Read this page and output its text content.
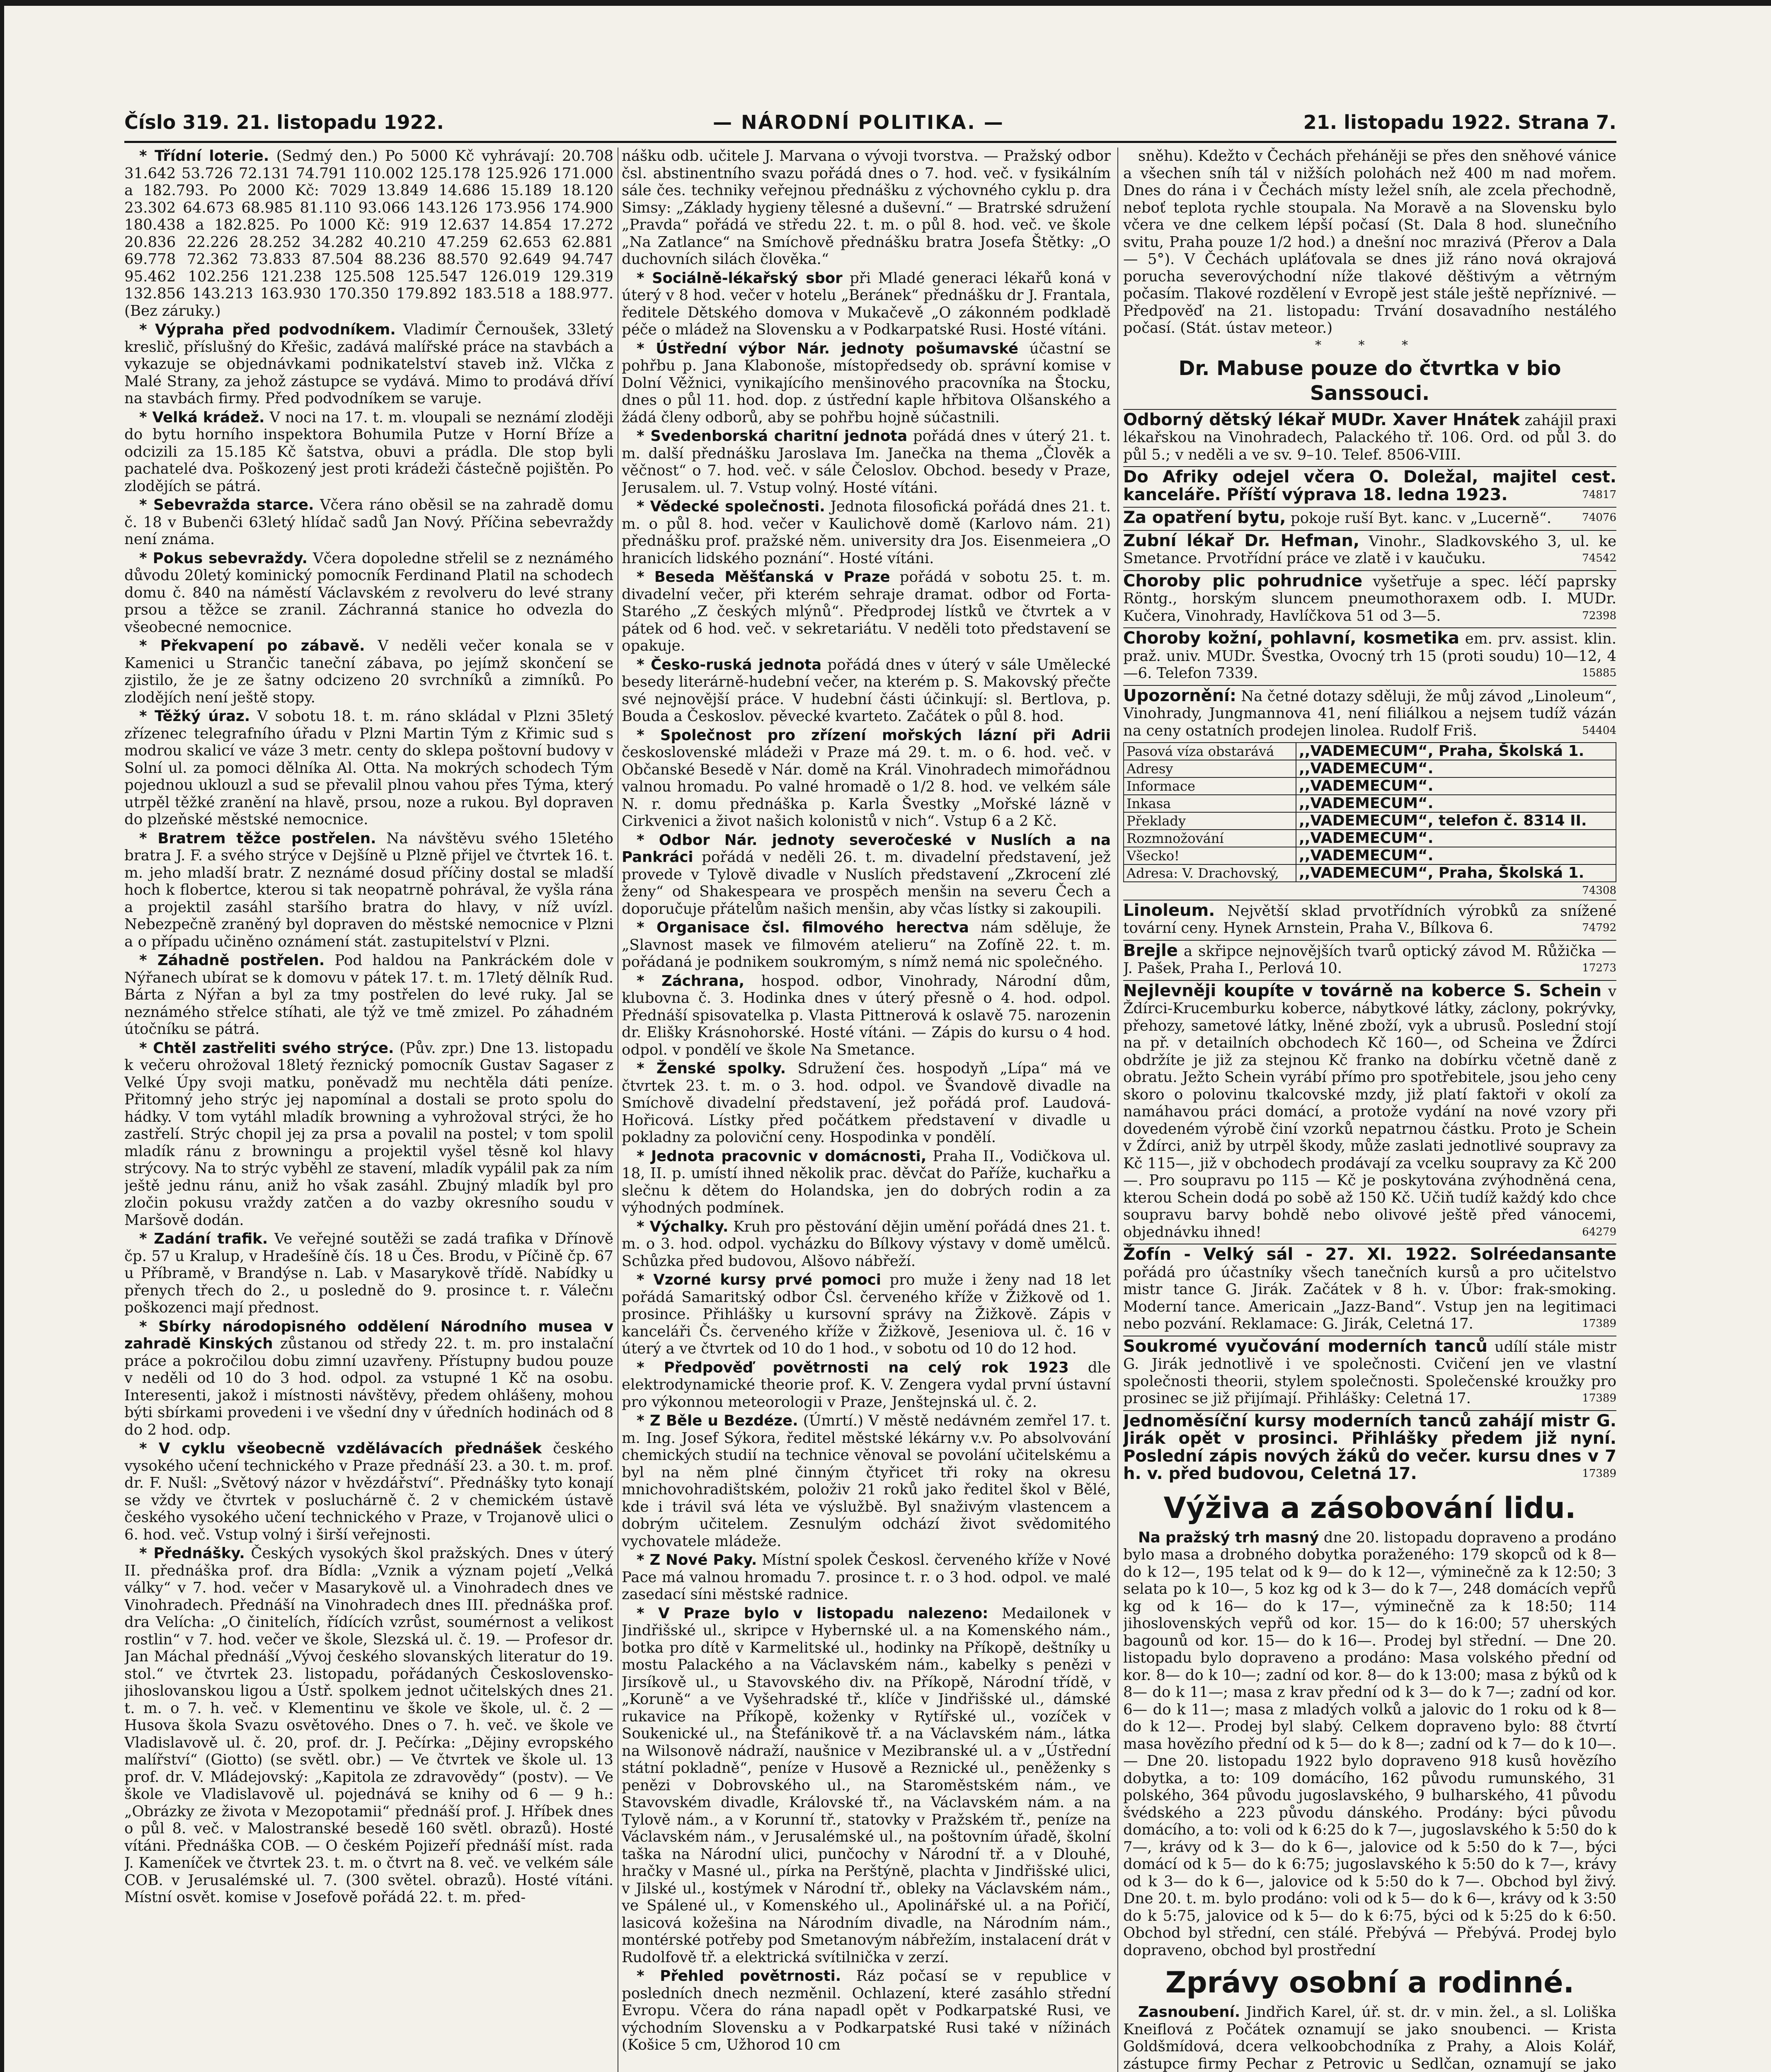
Číslo 319. 21. listopadu 1922.	— NÁRODNÍ POLITIKA. —	21. listopadu 1922. Strana 7.

* Třídní loterie. (Sedmý den.) Po 5000 Kč vyhrávají: 20.708 31.642 53.726 72.131 74.791 110.002 125.178 125.926 171.000 a 182.793. Po 2000 Kč: 7029 13.849 14.686 15.189 18.120 23.302 64.673 68.985 81.110 93.066 143.126 173.956 174.900 180.438 a 182.825. Po 1000 Kč: 919 12.637 14.854 17.272 20.836 22.226 28.252 34.282 40.210 47.259 62.653 62.881 69.778 72.362 73.833 87.504 88.236 88.570 92.649 94.747 95.462 102.256 121.238 125.508 125.547 126.019 129.319 132.856 143.213 163.930 170.350 179.892 183.518 a 188.977. (Bez záruky.)

* Výpraha před podvodníkem. Vladimír Černoušek, 33letý kreslič, příslušný do Křešic, zadává malířské práce na stavbách a vykazuje se objednávkami podnikatelství staveb inž. Vlčka z Malé Strany, za jehož zástupce se vydává. Mimo to prodává dříví na stavbách firmy. Před podvodníkem se varuje.

* Velká krádež. V noci na 17. t. m. vloupali se neznámí zloději do bytu horního inspektora Bohumila Putze v Horní Bříze a odcizili za 15.185 Kč šatstva, obuvi a prádla. Dle stop byli pachatelé dva. Poškozený jest proti krádeži částečně pojištěn. Po zlodějích se pátrá.

* Sebevražda starce. Včera ráno oběsil se na zahradě domu č. 18 v Bubenči 63letý hlídač sadů Jan Nový. Příčina sebevraždy není známa.

* Pokus sebevraždy. Včera dopoledne střelil se z neznámého důvodu 20letý kominický pomocník Ferdinand Platil na schodech domu č. 840 na náměstí Václavském z revolveru do levé strany prsou a těžce se zranil. Záchranná stanice ho odvezla do všeobecné nemocnice.

* Překvapení po zábavě. V neděli večer konala se v Kamenici u Strančic taneční zábava, po jejímž skončení se zjistilo, že je ze šatny odcizeno 20 svrchníků a zimníků. Po zlodějích není ještě stopy.

* Těžký úraz. V sobotu 18. t. m. ráno skládal v Plzni 35letý zřízenec telegrafního úřadu v Plzni Martin Tým z Křimic sud s modrou skalicí ve váze 3 metr. centy do sklepa poštovní budovy v Solní ul. za pomoci dělníka Al. Otta. Na mokrých schodech Tým pojednou uklouzl a sud se převalil plnou vahou přes Týma, který utrpěl těžké zranění na hlavě, prsou, noze a rukou. Byl dopraven do plzeňské městské nemocnice.

* Bratrem těžce postřelen. Na návštěvu svého 15letého bratra J. F. a svého strýce v Dejšíně u Plzně přijel ve čtvrtek 16. t. m. jeho mladší bratr. Z neznámé dosud příčiny dostal se mladší hoch k flobertce, kterou si tak neopatrně pohrával, že vyšla rána a projektil zasáhl staršího bratra do hlavy, v níž uvízl. Nebezpečně zraněný byl dopraven do městské nemocnice v Plzni a o případu učiněno oznámení stát. zastupitelství v Plzni.

* Záhadně postřelen. Pod haldou na Pankráckém dole v Nýřanech ubírat se k domovu v pátek 17. t. m. 17letý dělník Rud. Bárta z Nýřan a byl za tmy postřelen do levé ruky. Jal se neznámého střelce stíhati, ale týž ve tmě zmizel. Po záhadném útočníku se pátrá.

* Chtěl zastřeliti svého strýce. (Pův. zpr.) Dne 13. listopadu k večeru ohrožoval 18letý řeznický pomocník Gustav Sagaser z Velké Úpy svoji matku, poněvadž mu nechtěla dáti peníze. Přitomný jeho strýc jej napomínal a dostali se proto spolu do hádky. V tom vytáhl mladík browning a vyhrožoval strýci, že ho zastřelí. Strýc chopil jej za prsa a povalil na postel; v tom spolil mladík ránu z browningu a projektil vyšel těsně kol hlavy strýcovy. Na to strýc vyběhl ze stavení, mladík vypálil pak za ním ještě jednu ránu, aniž ho však zasáhl. Zbujný mladík byl pro zločin pokusu vraždy zatčen a do vazby okresního soudu v Maršově dodán.

* Zadání trafik. Ve veřejné soutěži se zadá trafika v Dřínově čp. 57 u Kralup, v Hradešíně čís. 18 u Čes. Brodu, v Píčině čp. 67 u Příbramě, v Brandýse n. Lab. v Masarykově třídě. Nabídky u přenych třech do 2., u posledně do 9. prosince t. r. Válečnı poškozenci mají přednost.

* Sbírky národopisného oddělení Národního musea v zahradě Kinských zůstanou od středy 22. t. m. pro instalační práce a pokročilou dobu zimní uzavřeny. Přístupny budou pouze v neděli od 10 do 3 hod. odpol. za vstupné 1 Kč na osobu. Interesenti, jakož i místnosti návštěvy, předem ohlášeny, mohou býti sbírkami provedeni i ve všední dny v úředních hodinách od 8 do 2 hod. odp.

* V cyklu všeobecně vzdělávacích přednášek českého vysokého učení technického v Praze přednáší 23. a 30. t. m. prof. dr. F. Nušl: „Světový názor v hvězdářství“. Přednášky tyto konají se vždy ve čtvrtek v posluchárně č. 2 v chemickém ústavě českého vysokého učení technického v Praze, v Trojanově ulici o 6. hod. več. Vstup volný i širší veřejnosti.

* Přednášky. Českých vysokých škol pražských. Dnes v úterý II. přednáška prof. dra Bídla: „Vznik a význam pojetí „Velká války“ v 7. hod. večer v Masarykově ul. a Vinohradech dnes ve Vinohradech. Přednáší na Vinohradech dnes III. přednáška prof. dra Velícha: „O činitelích, řídících vzrůst, soumérnost a velikost rostlin“ v 7. hod. večer ve škole, Slezská ul. č. 19. — Profesor dr. Jan Máchal přednáší „Vývoj českého slovanských literatur do 19. stol.“ ve čtvrtek 23. listopadu, pořádaných Československo-jihoslovanskou ligou a Ústř. spolkem jednot učitelských dnes 21. t. m. o 7. h. več. v Klementinu ve škole ve škole, ul. č. 2 — Husova škola Svazu osvětového. Dnes o 7. h. več. ve škole ve Vladislavově ul. č. 20, prof. dr. J. Pečírka: „Dějiny evropského malířství“ (Giotto) (se světl. obr.) — Ve čtvrtek ve škole ul. 13 prof. dr. V. Mládejovský: „Kapitola ze zdravovědy“ (postv). — Ve škole ve Vladislavově ul. pojednává se knihy od 6 — 9 h.: „Obrázky ze života v Mezopotamii“ přednáší prof. J. Hříbek dnes o půl 8. več. v Malostranské besedě 160 světl. obrazů). Hosté vítáni. Přednáška COB. — O českém Pojizeří přednáší míst. rada J. Kameníček ve čtvrtek 23. t. m. o čtvrt na 8. več. ve velkém sále COB. v Jerusalémské ul. 7. (300 světel. obrazů). Hosté vítáni. Místní osvět. komise v Josefově pořádá 22. t. m. před-

nášku odb. učitele J. Marvana o vývoji tvorstva. — Pražský odbor čsl. abstinentního svazu pořádá dnes o 7. hod. več. v fysikálním sále čes. techniky veřejnou přednášku z výchovného cyklu p. dra Simsy: „Základy hygieny tělesné a duševní.“ — Bratrské sdružení „Pravda“ pořádá ve středu 22. t. m. o půl 8. hod. več. ve škole „Na Zatlance“ na Smíchově přednášku bratra Josefa Štětky: „O duchovních silách člověka.“

* Sociálně-lékařský sbor při Mladé generaci lékařů koná v úterý v 8 hod. večer v hotelu „Beránek“ přednášku dr J. Frantala, ředitele Dětského domova v Mukačevě „O zákonném podkladě péče o mládež na Slovensku a v Podkarpatské Rusi. Hosté vítáni.

* Ústřední výbor Nár. jednoty pošumavské účastní se pohřbu p. Jana Klabonoše, místopředsedy ob. správní komise v Dolní Věžnici, vynikajícího menšinového pracovníka na Štocku, dnes o půl 11. hod. dop. z ústřední kaple hřbitova Olšanského a žádá členy odborů, aby se pohřbu hojně súčastnili.

* Svedenborská charitní jednota pořádá dnes v úterý 21. t. m. další přednášku Jaroslava Im. Janečka na thema „Člověk a věčnost“ o 7. hod. več. v sále Čeloslov. Obchod. besedy v Praze, Jerusalem. ul. 7. Vstup volný. Hosté vítáni.

* Vědecké společnosti. Jednota filosofická pořádá dnes 21. t. m. o půl 8. hod. večer v Kaulichově domě (Karlovo nám. 21) přednášku prof. pražské něm. university dra Jos. Eisenmeiera „O hranicích lidského poznání“. Hosté vítáni.

* Beseda Měšťanská v Praze pořádá v sobotu 25. t. m. divadelní večer, při kterém sehraje dramat. odbor od Forta-Starého „Z českých mlýnů“. Předprodej lístků ve čtvrtek a v pátek od 6 hod. več. v sekretariátu. V neděli toto představení se opakuje.

* Česko-ruská jednota pořádá dnes v úterý v sále Umělecké besedy literárně-hudební večer, na kterém p. S. Makovský přečte své nejnovější práce. V hudební části účinkují: sl. Bertlova, p. Bouda a Českoslov. pěvecké kvarteto. Začátek o půl 8. hod.

* Společnost pro zřízení mořských lázní při Adrii československé mládeži v Praze má 29. t. m. o 6. hod. več. v Občanské Besedě v Nár. domě na Král. Vinohradech mimořádnou valnou hromadu. Po valné hromadě o 1/2 8. hod. ve velkém sále N. r. domu přednáška p. Karla Švestky „Mořské lázně v Cirkvenici a život našich kolonistů v nich“. Vstup 6 a 2 Kč.

* Odbor Nár. jednoty severočeské v Nuslích a na Pankráci pořádá v neděli 26. t. m. divadelní představení, jež provede v Tylově divadle v Nuslích představení „Zkrocení zlé ženy“ od Shakespeara ve prospěch menšin na severu Čech a doporučuje přátelům našich menšin, aby včas lístky si zakoupili.

* Organisace čsl. filmového herectva nám sděluje, že „Slavnost masek ve filmovém atelieru“ na Zofíně 22. t. m. pořádaná je podnikem soukromým, s nímž nemá nic společného.

* Záchrana, hospod. odbor, Vinohrady, Národní dům, klubovna č. 3. Hodinka dnes v úterý přesně o 4. hod. odpol. Přednáší spisovatelka p. Vlasta Pittnerová k oslavě 75. narozenin dr. Elišky Krásnohorské. Hosté vítáni. — Zápis do kursu o 4 hod. odpol. v pondělí ve škole Na Smetance.

* Ženské spolky. Sdružení čes. hospodyň „Lípa“ má ve čtvrtek 23. t. m. o 3. hod. odpol. ve Švandově divadle na Smíchově divadelní představení, jež pořádá prof. Laudová-Hořicová. Lístky před počátkem představení v divadle u pokladny za poloviční ceny. Hospodinka v pondělí.

* Jednota pracovnic v domácnosti, Praha II., Vodičkova ul. 18, II. p. umístí ihned několik prac. děvčat do Paříže, kuchařku a slečnu k dětem do Holandska, jen do dobrých rodin a za výhodných podmínek.

* Výchalky. Kruh pro pěstování dějin umění pořádá dnes 21. t. m. o 3. hod. odpol. vycházku do Bílkovy výstavy v domě umělců. Schůzka před budovou, Alšovo nábřeží.

* Vzorné kursy prvé pomoci pro muže i ženy nad 18 let pořádá Samaritský odbor Čsl. červeného kříže v Žižkově od 1. prosince. Přihlášky u kursovní správy na Žižkově. Zápis v kanceláři Čs. červeného kříže v Žižkově, Jeseniova ul. č. 16 v úterý a ve čtvrtek od 10 do 1 hod., v sobotu od 10 do 12 hod.

* Předpověď povětrnosti na celý rok 1923 dle elektrodynamické theorie prof. K. V. Zengera vydal první ústavní pro výkonnou meteorologii v Praze, Jenštejnská ul. č. 2.

* Z Běle u Bezdéze. (Úmrtí.) V městě nedávném zemřel 17. t. m. Ing. Josef Sýkora, ředitel městské lékárny v.v. Po absolvování chemických studií na technice věnoval se povolání učitelskému a byl na něm plné činným čtyřicet tři roky na okresu mnichovohradištském, položiv 21 roků jako ředitel škol v Bělé, kde i trávil svá léta ve výslužbě. Byl snaživým vlastencem a dobrým učitelem. Zesnulým odchází život svědomitého vychovatele mládeže.

* Z Nové Paky. Místní spolek Českosl. červeného kříže v Nové Pace má valnou hromadu 7. prosince t. r. o 3 hod. odpol. ve malé zasedací síni městské radnice.

* V Praze bylo v listopadu nalezeno: Medailonek v Jindřišské ul., skripce v Hybernské ul. a na Komenského nám., botka pro dítě v Karmelitské ul., hodinky na Příkopě, deštníky u mostu Palackého a na Václavském nám., kabelky s penězi v Jirsíkově ul., u Stavovského div. na Příkopě, Národní třídě, v „Koruně“ a ve Vyšehradské tř., klíče v Jindřišské ul., dámské rukavice na Příkopě, koženky v Rytířské ul., vozíček v Soukenické ul., na Štefánikově tř. a na Václavském nám., látka na Wilsonově nádraží, naušnice v Mezibranské ul. a v „Ústřední státní pokladně“, peníze v Husově a Reznické ul., peněženky s penězi v Dobrovského ul., na Staroměstském nám., ve Stavovském divadle, Královské tř., na Václavském nám. a na Tylově nám., a v Korunní tř., statovky v Pražském tř., peníze na Václavském nám., v Jerusalémské ul., na poštovním úřadě, školní taška na Národní ulici, punčochy v Národní tř. a v Dlouhé, hračky v Masné ul., pírka na Perštýně, plachta v Jindřišské ulici, v Jilské ul., kostýmek v Národní tř., obleky na Václavském nám., ve Spálené ul., v Komenského ul., Apolinářské ul. a na Pořičí, lasicová kožešina na Národním divadle, na Národním nám., montérské potřeby pod Smetanovým nábřežím, instalacení drát v Rudolfově tř. a elektrická svítilnička v zerzí.

* Přehled povětrnosti. Ráz počasí se v republice v posledních dnech nezměnil. Ochlazení, které zasáhlo střední Evropu. Včera do rána napadl opět v Podkarpatské Rusi, ve východním Slovensku a v Podkarpatské Rusi také v nížinách (Košice 5 cm, Užhorod 10 cm

sněhu). Kdežto v Čechách přeháněji se přes den sněhové vánice a všechen sníh tál v nižších polohách než 400 m nad mořem. Dnes do rána i v Čechách místy ležel sníh, ale zcela přechodně, neboť teplota rychle stoupala. Na Moravě a na Slovensku bylo včera ve dne celkem lépší počasí (St. Dala 8 hod. slunečního svitu, Praha pouze 1/2 hod.) a dnešní noc mrazivá (Přerov a Dala — 5°). V Čechách upláťovala se dnes již ráno nová okrajová porucha severovýchodní níže tlakové děštivým a větrným počasím. Tlakové rozdělení v Evropě jest stále ještě nepříznivé. — Předpověď na 21. listopadu: Trvání dosavadního nestálého počasí. (Stát. ústav meteor.)

* * *
Dr. Mabuse pouze do čtvrtka v bio Sanssouci.

Odborný dětský lékař MUDr. Xaver Hnátek zahájil praxi lékařskou na Vinohradech, Palackého tř. 106. Ord. od půl 3. do půl 5.; v neděli a ve sv. 9–10. Telef. 8506-VIII.

Do Afriky odejel včera O. Doležal, majitel cest. kanceláře. Příští výprava 18. ledna 1923.	74817

Za opatření bytu, pokoje ruší Byt. kanc. v „Lucerně“.	74076

Zubní lékař Dr. Hefman, Vinohr., Sladkovského 3, ul. ke Smetance. Prvotřídní práce ve zlatě i v kaučuku.	74542

Choroby plic pohrudnice vyšetřuje a spec. léčí paprsky Röntg., horským sluncem pneumothoraxem odb. I. MUDr. Kučera, Vinohrady, Havlíčkova 51 od 3—5.	72398

Choroby kožní, pohlavní, kosmetika em. prv. assist. klin. praž. univ. MUDr. Švestka, Ovocný trh 15 (proti soudu) 10—12, 4—6. Telefon 7339.	15885

Upozornění: Na četné dotazy sděluji, že můj závod „Linoleum“, Vinohrady, Jungmannova 41, není filiálkou a nejsem tudíž vázán na ceny ostatních prodejen linolea. Rudolf Friš.	54404

Pasová víza obstarává	,,VADEMECUM“, Praha, Školská 1.
Adresy	,,VADEMECUM“.
Informace	,,VADEMECUM“.
Inkasa	,,VADEMECUM“.
Překlady	,,VADEMECUM“, telefon č. 8314 II.
Rozmnožování	,,VADEMECUM“.
Všecko!	,,VADEMECUM“.
Adresa: V. Drachovský,	,,VADEMECUM“, Praha, Školská 1.
74308

Linoleum. Největší sklad prvotřídních výrobků za snížené tovární ceny. Hynek Arnstein, Praha V., Bílkova 6.	74792

Brejle a skřipce nejnovějších tvarů optický závod M. Růžička — J. Pašek, Praha I., Perlová 10.	17273

Nejlevněji koupíte v továrně na koberce S. Schein v Ždírci-Krucemburku koberce, nábytkové látky, záclony, pokrývky, přehozy, sametové látky, lněné zboží, vyk a ubrusů. Poslední stojí na př. v detailních obchodech Kč 160—, od Scheina ve Ždírci obdržíte je již za stejnou Kč franko na dobírku včetně daně z obratu. Ježto Schein vyrábí přímo pro spotřebitele, jsou jeho ceny skoro o polovinu tkalcovské mzdy, již platí faktoři v okolí za namáhavou práci domácí, a protože vydání na nové vzory při dovedeném výrobě činí vzorků nepatrnou částku. Proto je Schein v Ždírci, aniž by utrpěl škody, může zaslati jednotlivé soupravy za Kč 115—, již v obchodech prodávají za vcelku soupravy za Kč 200—. Pro soupravu po 115 — Kč je poskytována zvýhodněná cena, kterou Schein dodá po sobě až 150 Kč. Učiň tudíž každý kdo chce soupravu barvy bohdě nebo olivové ještě před vánocemi, objednávku ihned!	64279

Žofín - Velký sál - 27. XI. 1922. Solréedansante pořádá pro účastníky všech tanečních kursů a pro učitelstvo mistr tance G. Jirák. Začátek v 8 h. v. Úbor: frak-smoking. Moderní tance. Americain „Jazz-Band“. Vstup jen na legitimaci nebo pozvání. Reklamace: G. Jirák, Celetná 17.	17389

Soukromé vyučování moderních tanců udílí stále mistr G. Jirák jednotlivě i ve společnosti. Cvičení jen ve vlastní společnosti theorii, stylem společnosti. Společenské kroužky pro prosinec se již přijímají. Přihlášky: Celetná 17.	17389

Jednoměsíční kursy moderních tanců zahájí mistr G. Jirák opět v prosinci. Přihlášky předem již nyní. Poslední zápis nových žáků do večer. kursu dnes v 7 h. v. před budovou, Celetná 17.	17389

Výživa a zásobování lidu.

Na pražský trh masný dne 20. listopadu dopraveno a prodáno bylo masa a drobného dobytka poraženého: 179 skopců od k 8— do k 12—, 195 telat od k 9— do k 12—, výminečně za k 12:50; 3 selata po k 10—, 5 koz kg od k 3— do k 7—, 248 domácích vepřů kg od k 16— do k 17—, výminečně za k 18:50; 114 jihoslovenských vepřů od kor. 15— do k 16:00; 57 uherských bagounů od kor. 15— do k 16—. Prodej byl střední. — Dne 20. listopadu bylo dopraveno a prodáno: Masa volského přední od kor. 8— do k 10—; zadní od kor. 8— do k 13:00; masa z býků od k 8— do k 11—; masa z krav přední od k 3— do k 7—; zadní od kor. 6— do k 11—; masa z mladých volků a jalovic do 1 roku od k 8— do k 12—. Prodej byl slabý. Celkem dopraveno bylo: 88 čtvrtí masa hovězího přední od k 5— do k 8—; zadní od k 7— do k 10—. — Dne 20. listopadu 1922 bylo dopraveno 918 kusů hovězího dobytka, a to: 109 domácího, 162 původu rumunského, 31 polského, 364 původu jugoslavského, 9 bulharského, 41 původu švédského a 223 původu dánského. Prodány: býci původu domácího, a to: voli od k 6:25 do k 7—, jugoslavského k 5:50 do k 7—, krávy od k 3— do k 6—, jalovice od k 5:50 do k 7—, býci domácí od k 5— do k 6:75; jugoslavského k 5:50 do k 7—, krávy od k 3— do k 6—, jalovice od k 5:50 do k 7—. Obchod byl živý. Dne 20. t. m. bylo prodáno: voli od k 5— do k 6—, krávy od k 3:50 do k 5:75, jalovice od k 5— do k 6:75, býci od k 5:25 do k 6:50. Obchod byl střední, cen stálé. Přebývá — Přebývá. Prodej bylo dopraveno, obchod byl prostřední

Zprávy osobní a rodinné.

Zasnoubení. Jindřich Karel, úř. st. dr. v min. žel., a sl. Loliška Kneiflová z Počátek oznamují se jako snoubenci. — Krista Goldšmídová, dcera velkoobchodníka z Prahy, a Alois Kolář, zástupce firmy Pechar z Petrovic u Sedlčan, oznamují se jako
